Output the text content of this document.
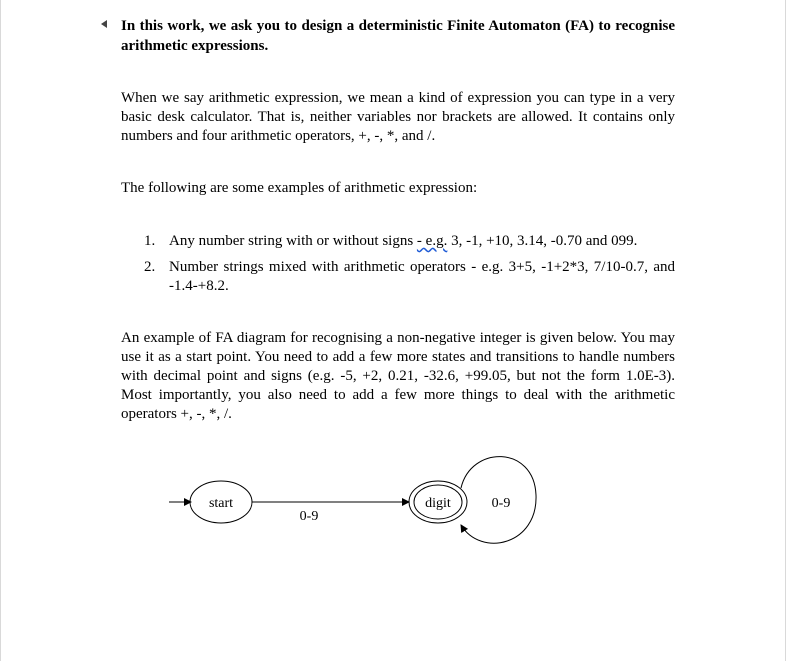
In this work, we ask you to design a deterministic Finite Automaton (FA) to recognise arithmetic expressions.
When we say arithmetic expression, we mean a kind of expression you can type in a very basic desk calculator. That is, neither variables nor brackets are allowed. It contains only numbers and four arithmetic operators, +, -, *, and /.
The following are some examples of arithmetic expression:
1. Any number string with or without signs - e.g. 3, -1, +10, 3.14, -0.70 and 099.
2. Number strings mixed with arithmetic operators - e.g. 3+5, -1+2*3, 7/10-0.7, and -1.4-+8.2.
An example of FA diagram for recognising a non-negative integer is given below. You may use it as a start point. You need to add a few more states and transitions to handle numbers with decimal point and signs (e.g. -5, +2, 0.21, -32.6, +99.05, but not the form 1.0E-3). Most importantly, you also need to add a few more things to deal with the arithmetic operators +, -, *, /.
start
0-9
digit	0-9
